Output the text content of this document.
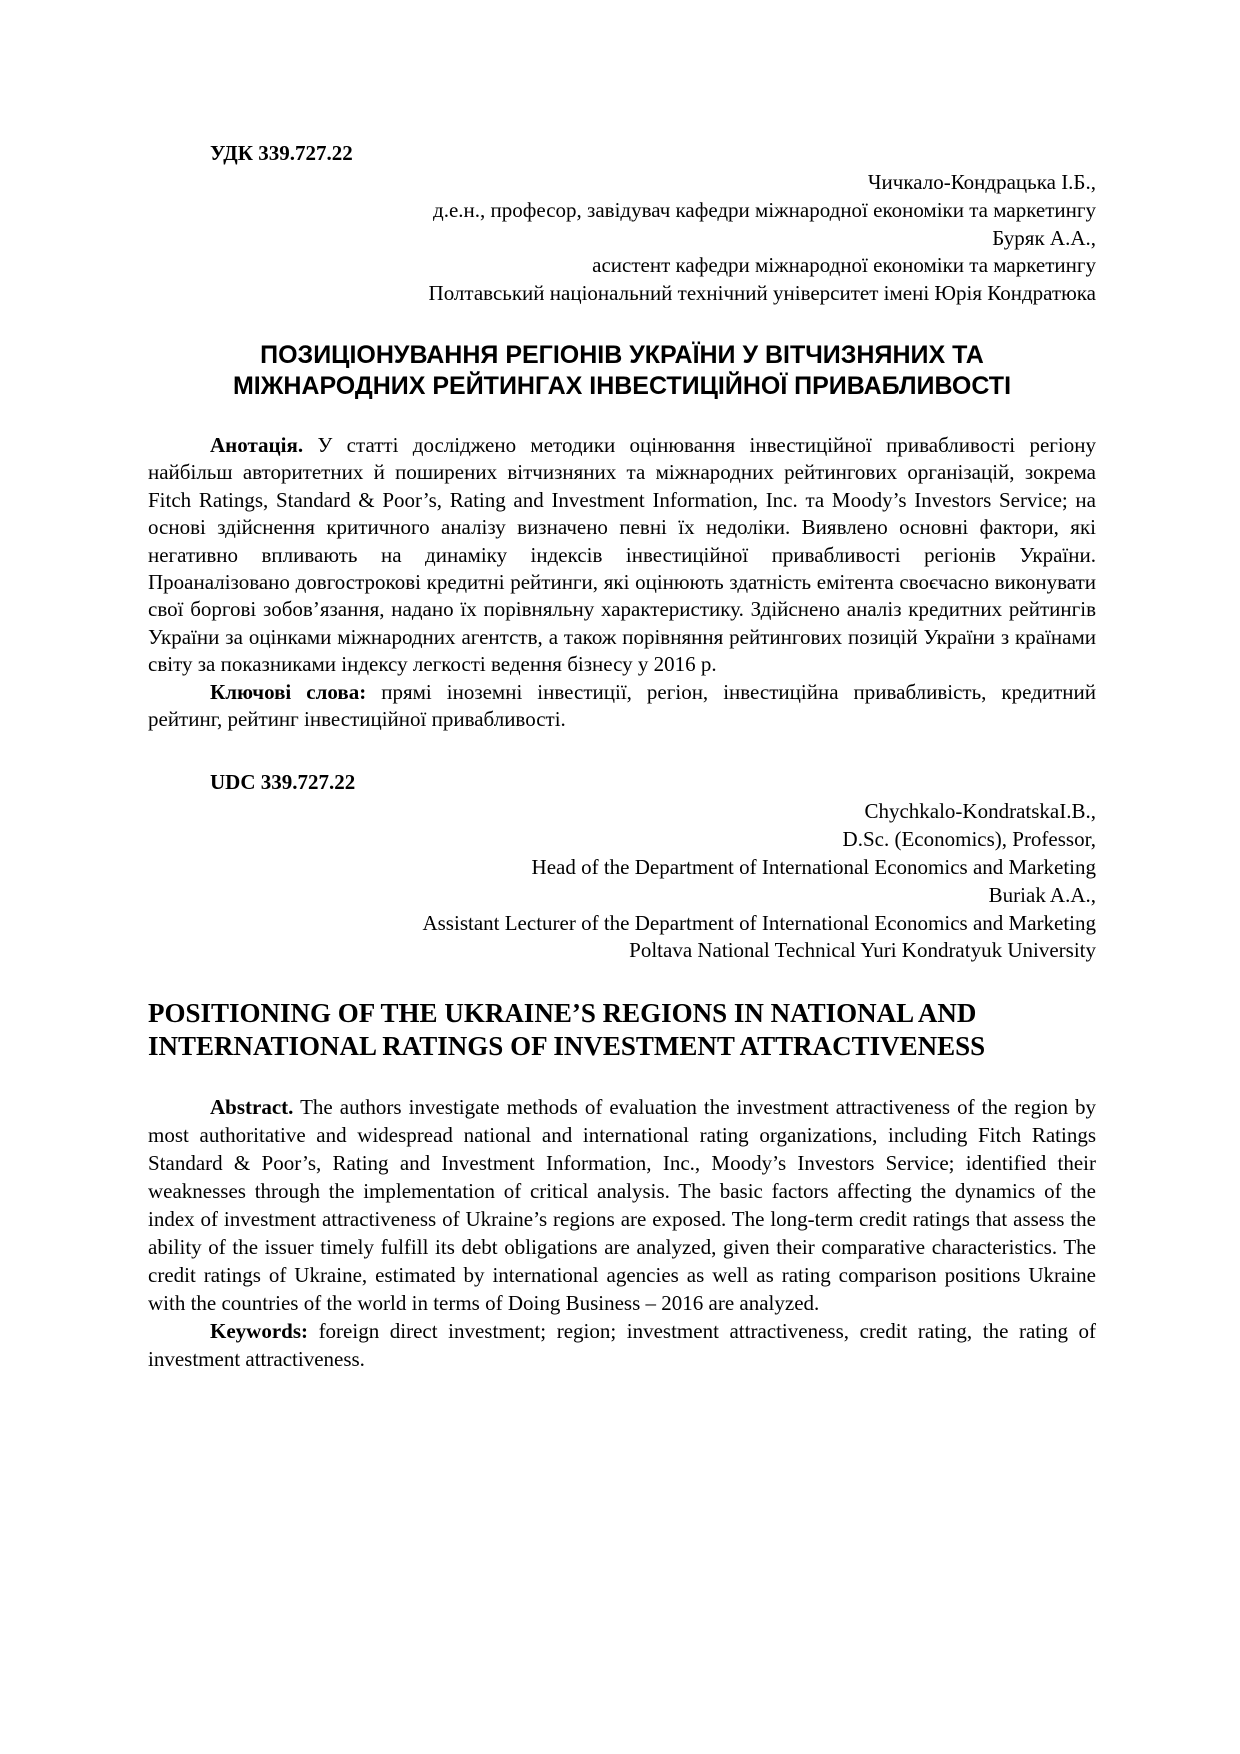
УДК 339.727.22
Чичкало-Кондрацька І.Б.,
д.е.н., професор, завідувач кафедри міжнародної економіки та маркетингу
Буряк А.А.,
асистент кафедри міжнародної економіки та маркетингу
Полтавський національний технічний університет імені Юрія Кондратюка
ПОЗИЦІОНУВАННЯ РЕГІОНІВ УКРАЇНИ У ВІТЧИЗНЯНИХ ТА
МІЖНАРОДНИХ РЕЙТИНГАХ ІНВЕСТИЦІЙНОЇ ПРИВАБЛИВОСТІ

Анотація. У статті досліджено методики оцінювання інвестиційної привабливості регіону найбільш авторитетних й поширених вітчизняних та міжнародних рейтингових організацій, зокрема Fitch Ratings, Standard & Poor’s, Rating and Investment Information, Inc. та Moody’s Investors Service; на основі здійснення критичного аналізу визначено певні їх недоліки. Виявлено основні фактори, які негативно впливають на динаміку індексів інвестиційної привабливості регіонів України. Проаналізовано довгострокові кредитні рейтинги, які оцінюють здатність емітента своєчасно виконувати свої боргові зобов’язання, надано їх порівняльну характеристику. Здійснено аналіз кредитних рейтингів України за оцінками міжнародних агентств, а також порівняння рейтингових позицій України з країнами світу за показниками індексу легкості ведення бізнесу у 2016 р.

Ключові слова: прямі іноземні інвестиції, регіон, інвестиційна привабливість, кредитний рейтинг, рейтинг інвестиційної привабливості.

UDC 339.727.22
Chychkalo-KondratskaI.B.,
D.Sc. (Economics), Professor,
Head of the Department of International Economics and Marketing
Buriak A.A.,
Assistant Lecturer of the Department of International Economics and Marketing
Poltava National Technical Yuri Kondratyuk University
POSITIONING OF THE UKRAINE’S REGIONS IN NATIONAL AND
INTERNATIONAL RATINGS OF INVESTMENT ATTRACTIVENESS

Abstract. The authors investigate methods of evaluation the investment attractiveness of the region by most authoritative and widespread national and international rating organizations, including Fitch Ratings Standard & Poor’s, Rating and Investment Information, Inc., Moody’s Investors Service; identified their weaknesses through the implementation of critical analysis. The basic factors affecting the dynamics of the index of investment attractiveness of Ukraine’s regions are exposed. The long-term credit ratings that assess the ability of the issuer timely fulfill its debt obligations are analyzed, given their comparative characteristics. The credit ratings of Ukraine, estimated by international agencies as well as rating comparison positions Ukraine with the countries of the world in terms of Doing Business – 2016 are analyzed.

Keywords: foreign direct investment; region; investment attractiveness, credit rating, the rating of investment attractiveness.
